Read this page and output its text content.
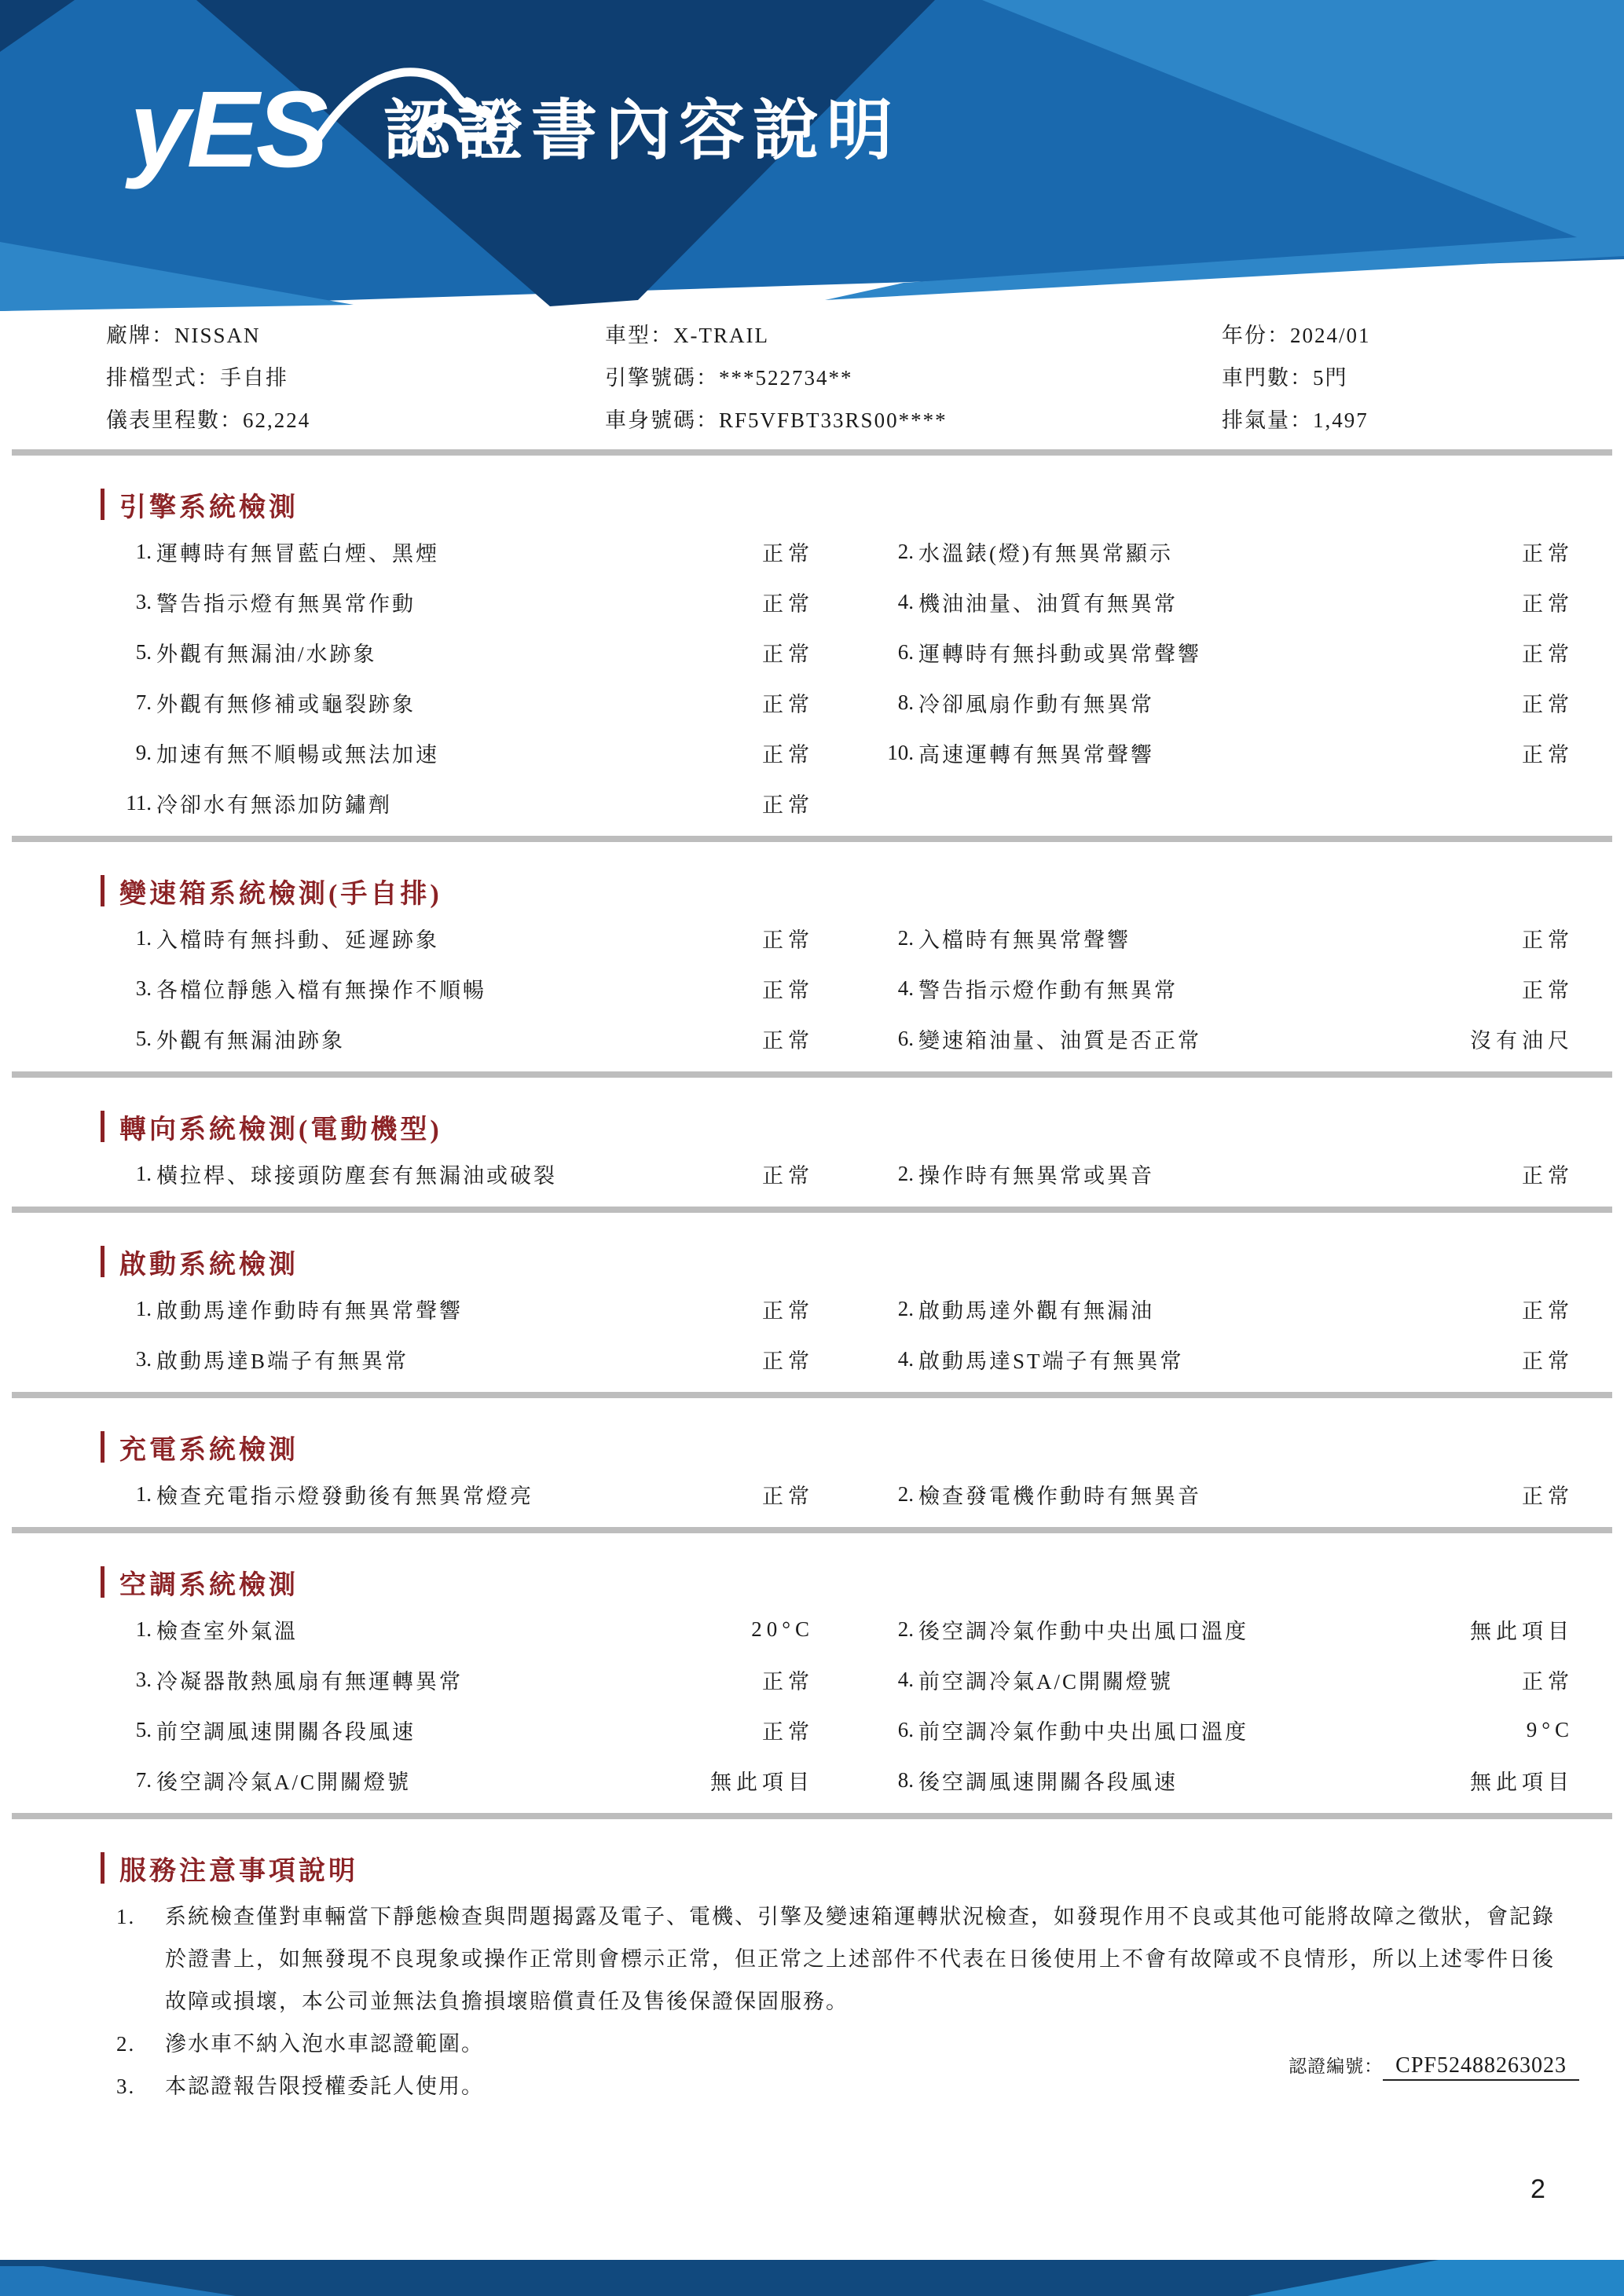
yES 認證書內容說明
廠牌：NISSAN	車型：X-TRAIL	年份：2024/01
排檔型式：手自排	引擎號碼：***522734**	車門數：5門
儀表里程數：62,224	車身號碼：RF5VFBT33RS00****	排氣量：1,497
引擎系統檢測
1. 運轉時有無冒藍白煙、黑煙	正常	2. 水溫錶(燈)有無異常顯示	正常
3. 警告指示燈有無異常作動	正常	4. 機油油量、油質有無異常	正常
5. 外觀有無漏油/水跡象	正常	6. 運轉時有無抖動或異常聲響	正常
7. 外觀有無修補或龜裂跡象	正常	8. 冷卻風扇作動有無異常	正常
9. 加速有無不順暢或無法加速	正常	10. 高速運轉有無異常聲響	正常
11. 冷卻水有無添加防鏽劑	正常
變速箱系統檢測(手自排)
1. 入檔時有無抖動、延遲跡象	正常	2. 入檔時有無異常聲響	正常
3. 各檔位靜態入檔有無操作不順暢	正常	4. 警告指示燈作動有無異常	正常
5. 外觀有無漏油跡象	正常	6. 變速箱油量、油質是否正常	沒有油尺
轉向系統檢測(電動機型)
1. 橫拉桿、球接頭防塵套有無漏油或破裂	正常	2. 操作時有無異常或異音	正常
啟動系統檢測
1. 啟動馬達作動時有無異常聲響	正常	2. 啟動馬達外觀有無漏油	正常
3. 啟動馬達B端子有無異常	正常	4. 啟動馬達ST端子有無異常	正常
充電系統檢測
1. 檢查充電指示燈發動後有無異常燈亮	正常	2. 檢查發電機作動時有無異音	正常
空調系統檢測
1. 檢查室外氣溫	20°C	2. 後空調冷氣作動中央出風口溫度	無此項目
3. 冷凝器散熱風扇有無運轉異常	正常	4. 前空調冷氣A/C開關燈號	正常
5. 前空調風速開關各段風速	正常	6. 前空調冷氣作動中央出風口溫度	9°C
7. 後空調冷氣A/C開關燈號	無此項目	8. 後空調風速開關各段風速	無此項目
服務注意事項說明
1. 系統檢查僅對車輛當下靜態檢查與問題揭露及電子、電機、引擎及變速箱運轉狀況檢查，如發現作用不良或其他可能將故障之徵狀，會記錄於證書上，如無發現不良現象或操作正常則會標示正常，但正常之上述部件不代表在日後使用上不會有故障或不良情形，所以上述零件日後故障或損壞，本公司並無法負擔損壞賠償責任及售後保證保固服務。
2. 滲水車不納入泡水車認證範圍。
3. 本認證報告限授權委託人使用。
認證編號： CPF52488263023
2
